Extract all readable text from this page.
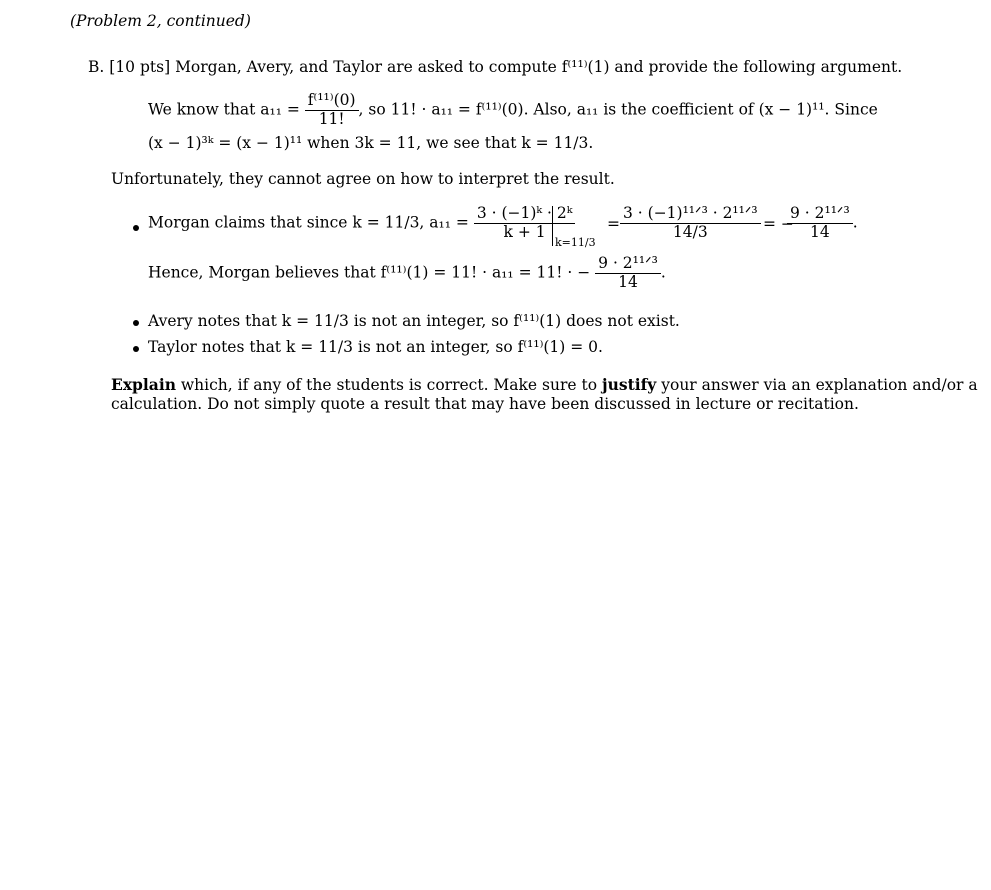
(Problem 2, continued)
B. [10 pts] Morgan, Avery, and Taylor are asked to compute f⁽¹¹⁾(1) and provide the following argument.
We know that $a_{11} = \frac{\text{f⁽¹¹⁾(0)}}{11!}$ , so 11! · a₁₁ = f⁽¹¹⁾(0). Also, a₁₁ is the coefficient of (x − 1)¹¹. Since
(x − 1)³ᵏ = (x − 1)¹¹ when 3k = 11, we see that k = 11/3.
Unfortunately, they cannot agree on how to interpret the result.
Morgan claims that since k = 11/3, $a_{11} = \frac{\text{3 · (−1)ᵏ · 2ᵏ}}{k + 1}$
k=11/3
= $\frac{\text{3 · (−1)¹¹ᐟ³ · 2¹¹ᐟ³}}{14/3}$ = −
$\frac{\text{9 · 2¹¹ᐟ³}}{14}$ .
Hence, Morgan believes that f⁽¹¹⁾(1) = 11! · a₁₁ = 11! · − $\frac{\text{9 · 2¹¹ᐟ³}}{14}$ .
Avery notes that k = 11/3 is not an integer, so f⁽¹¹⁾(1) does not exist.
Taylor notes that k = 11/3 is not an integer, so f⁽¹¹⁾(1) = 0.
Explain which, if any of the students is correct. Make sure to justify your answer via an explanation and/or a
calculation. Do not simply quote a result that may have been discussed in lecture or recitation.
